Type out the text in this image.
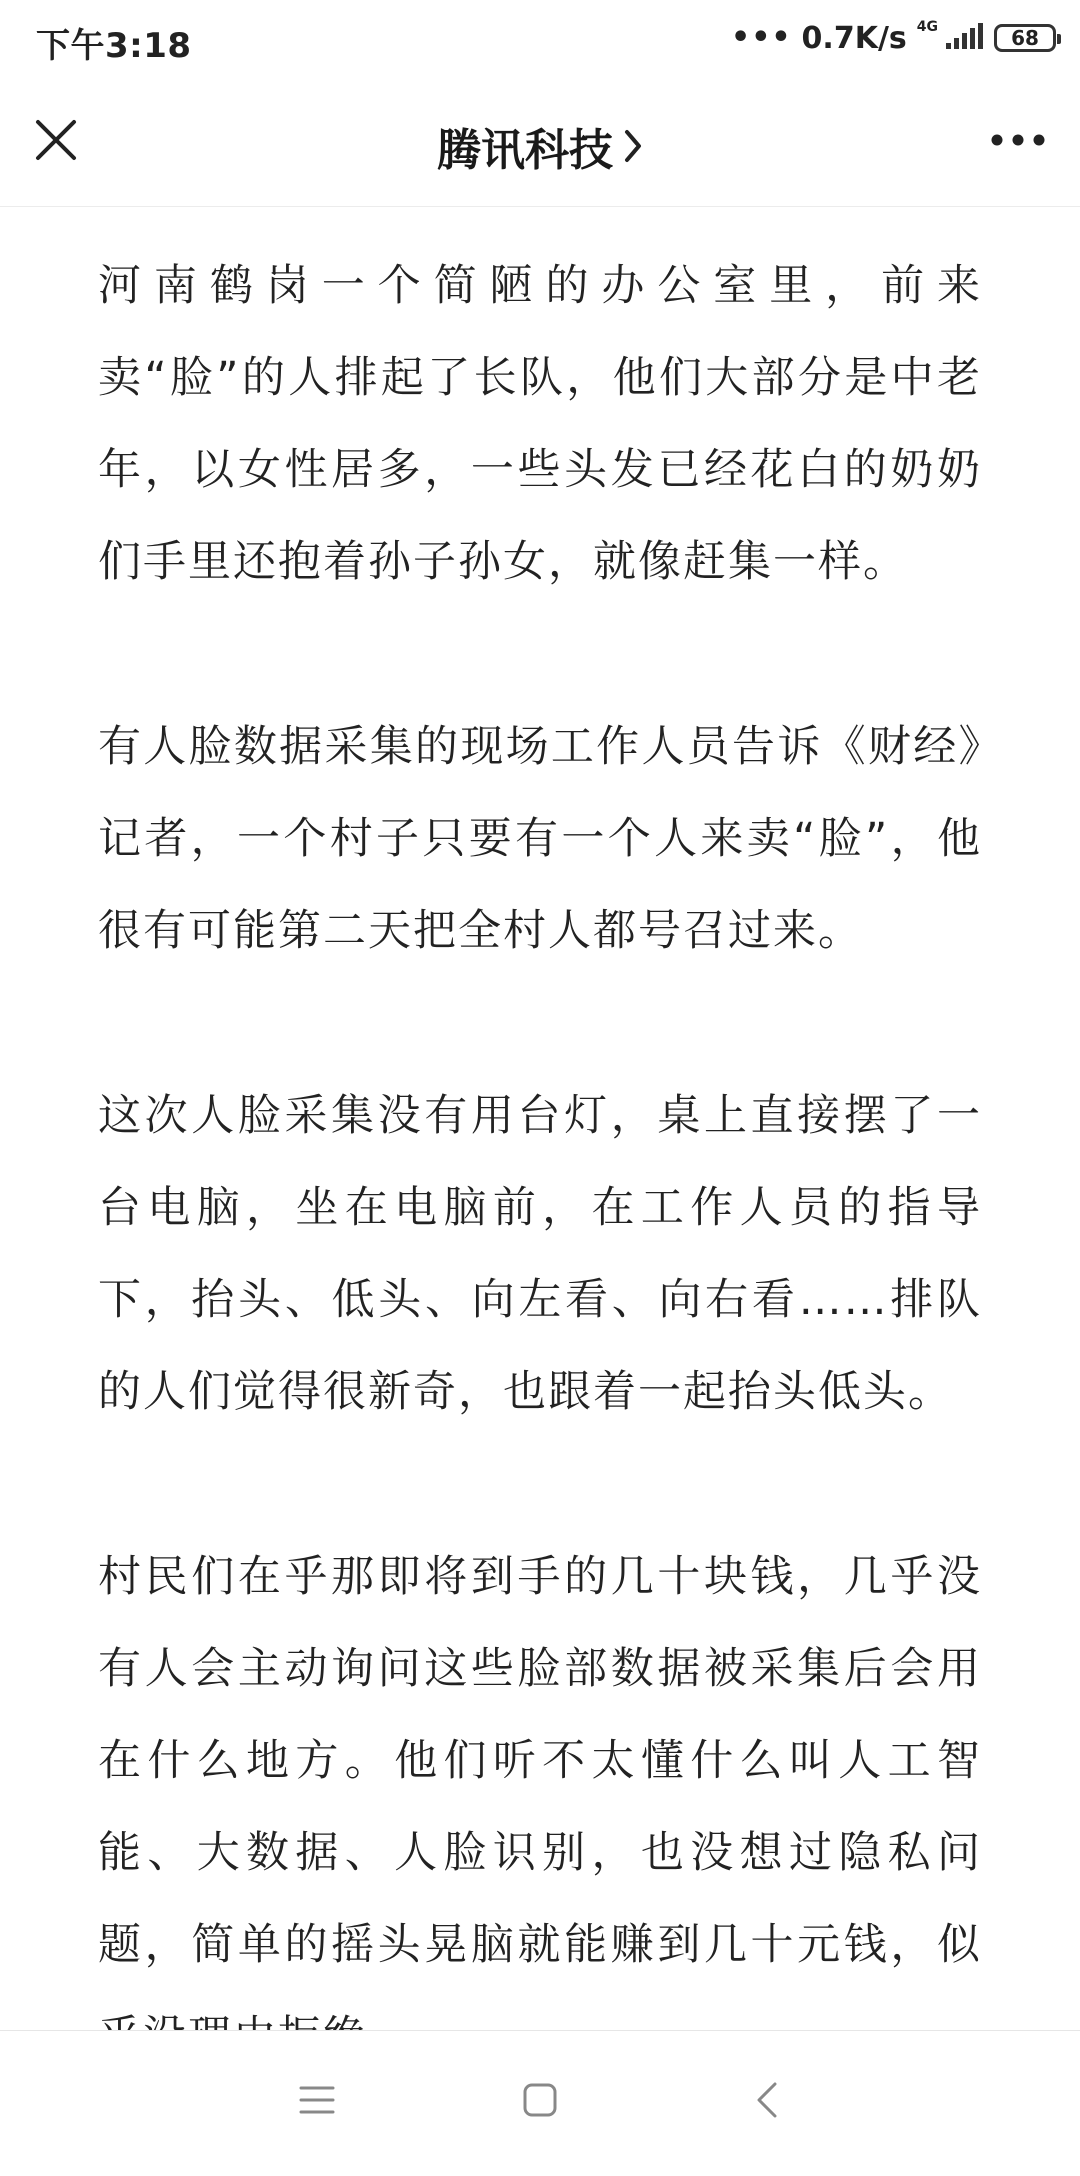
下午3:18	••• 0.7K/s 4G	68
腾讯科技

河南鹤岗一个简陋的办公室里，前来卖“脸”的人排起了长队，他们大部分是中老年，以女性居多，一些头发已经花白的奶奶们手里还抱着孙子孙女，就像赶集一样。

有人脸数据采集的现场工作人员告诉《财经》记者，一个村子只要有一个人来卖“脸”，他很有可能第二天把全村人都号召过来。

这次人脸采集没有用台灯，桌上直接摆了一台电脑，坐在电脑前，在工作人员的指导下，抬头、低头、向左看、向右看……排队的人们觉得很新奇，也跟着一起抬头低头。

村民们在乎那即将到手的几十块钱，几乎没有人会主动询问这些脸部数据被采集后会用在什么地方。他们听不太懂什么叫人工智能、大数据、人脸识别，也没想过隐私问题，简单的摇头晃脑就能赚到几十元钱，似
